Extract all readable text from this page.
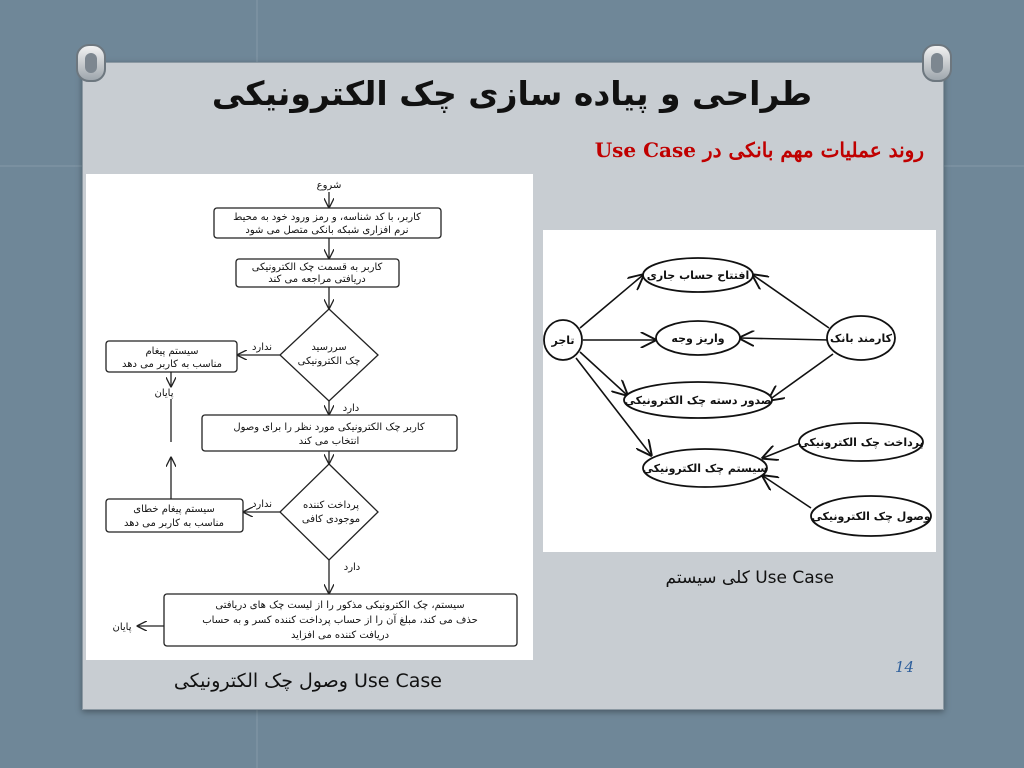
طراحی و پیاده سازی چک الکترونیکی
روند عملیات مهم بانکی در Use Case
شروع
کاربر، با کد شناسه، و رمز ورود خود به محیط
نرم افزاری شبکه بانکی متصل می شود
کاربر به قسمت چک الکترونیکی
دریافتی مراجعه می کند
سررسید
چک الکترونیکی
ندارد
سیستم پیغام
مناسب به کاربر می دهد
پایان
دارد
کاربر چک الکترونیکی مورد نظر را برای وصول
انتخاب می کند
پرداخت کننده
موجودی کافی
ندارد
سیستم پیغام خطای
مناسب به کاربر می دهد
دارد
سیستم، چک الکترونیکی مذکور را از لیست چک های دریافتی
حذف می کند، مبلغ آن را از حساب پرداخت کننده کسر و به حساب
دریافت کننده می افزاید
پایان
تاجر
افتتاح حساب جاری
واریز وجه
صدور دسته چک الکترونیکی
کارمند بانک
سیستم چک الکترونیکی
پرداخت چک الکترونیکی
وصول چک الکترونیکی
Use Case کلی سیستم
Use Case وصول چک الکترونیکی
14
